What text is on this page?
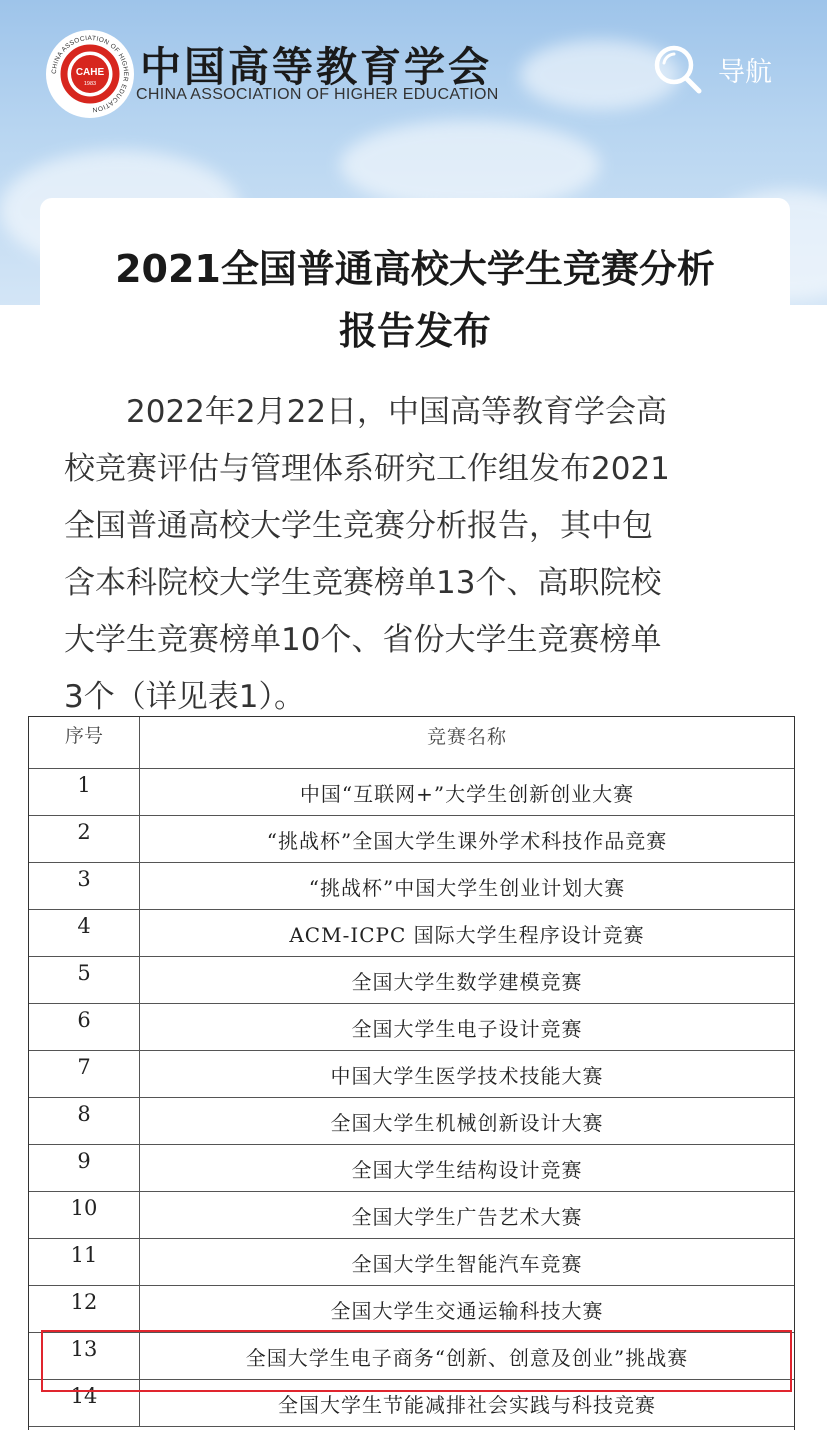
CHINA ASSOCIATION OF HIGHER EDUCATION
CAHE
1983 中国高等教育学会
CHINA ASSOCIATION OF HIGHER EDUCATION
导航
2021全国普通高校大学生竞赛分析
报告发布
　　2022年2月22日，中国高等教育学会高
校竞赛评估与管理体系研究工作组发布2021
全国普通高校大学生竞赛分析报告，其中包
含本科院校大学生竞赛榜单13个、高职院校
大学生竞赛榜单10个、省份大学生竞赛榜单
3个（详见表1）。
序号	竞赛名称
1	中国“互联网+”大学生创新创业大赛
2	“挑战杯”全国大学生课外学术科技作品竞赛
3	“挑战杯”中国大学生创业计划大赛
4	ACM-ICPC 国际大学生程序设计竞赛
5	全国大学生数学建模竞赛
6	全国大学生电子设计竞赛
7	中国大学生医学技术技能大赛
8	全国大学生机械创新设计大赛
9	全国大学生结构设计竞赛
10	全国大学生广告艺术大赛
11	全国大学生智能汽车竞赛
12	全国大学生交通运输科技大赛
13	全国大学生电子商务“创新、创意及创业”挑战赛
14	全国大学生节能减排社会实践与科技竞赛
